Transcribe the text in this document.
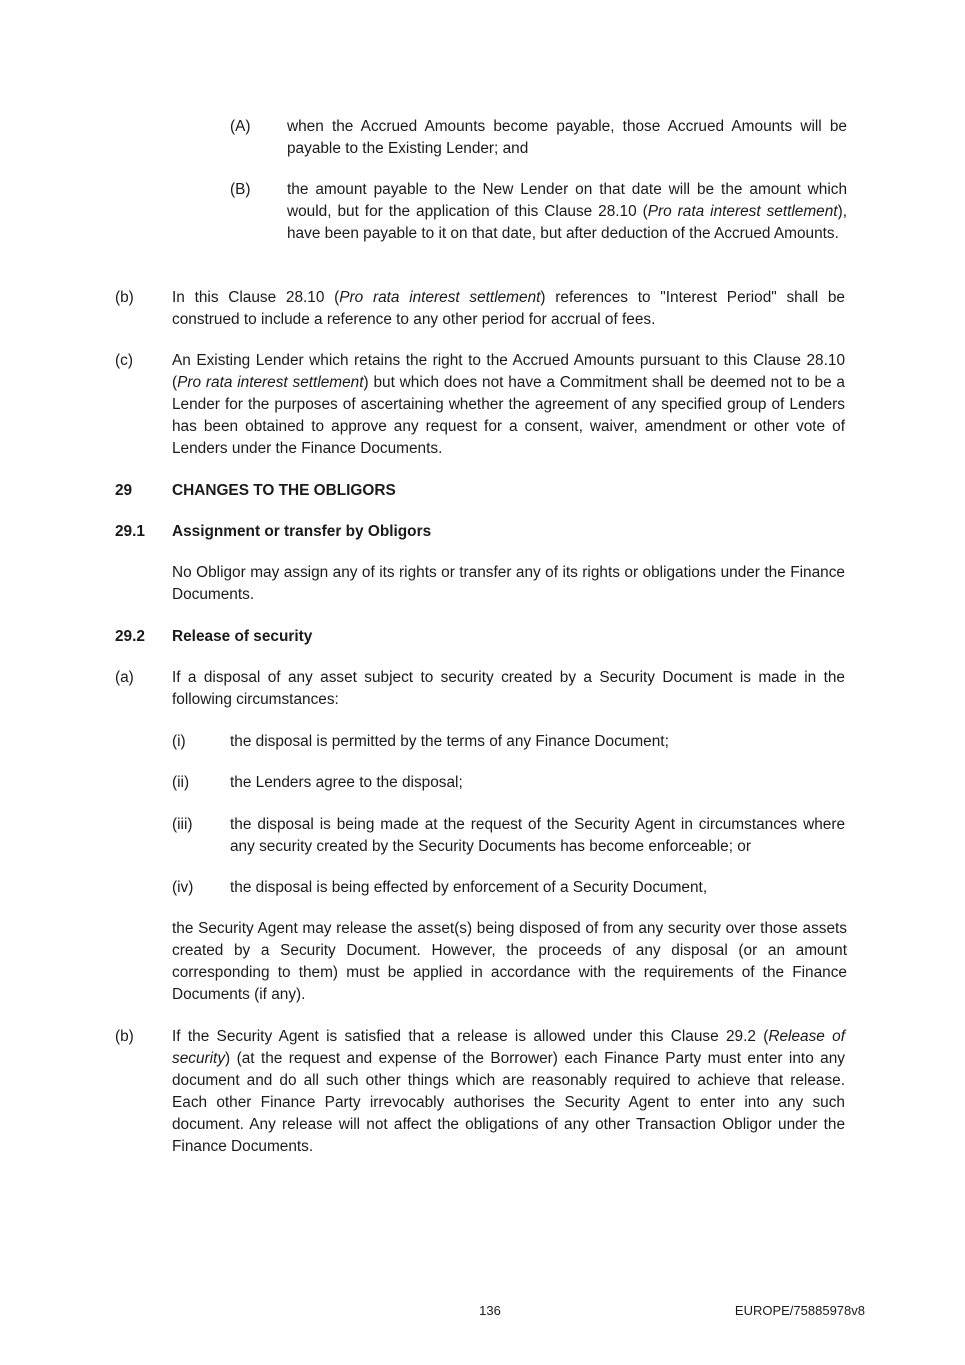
(A)	when the Accrued Amounts become payable, those Accrued Amounts will be payable to the Existing Lender; and
(B)	the amount payable to the New Lender on that date will be the amount which would, but for the application of this Clause 28.10 (Pro rata interest settlement), have been payable to it on that date, but after deduction of the Accrued Amounts.
(b)	In this Clause 28.10 (Pro rata interest settlement) references to "Interest Period" shall be construed to include a reference to any other period for accrual of fees.
(c)	An Existing Lender which retains the right to the Accrued Amounts pursuant to this Clause 28.10 (Pro rata interest settlement) but which does not have a Commitment shall be deemed not to be a Lender for the purposes of ascertaining whether the agreement of any specified group of Lenders has been obtained to approve any request for a consent, waiver, amendment or other vote of Lenders under the Finance Documents.
29	CHANGES TO THE OBLIGORS
29.1	Assignment or transfer by Obligors
No Obligor may assign any of its rights or transfer any of its rights or obligations under the Finance Documents.
29.2	Release of security
(a)	If a disposal of any asset subject to security created by a Security Document is made in the following circumstances:
(i)	the disposal is permitted by the terms of any Finance Document;
(ii)	the Lenders agree to the disposal;
(iii)	the disposal is being made at the request of the Security Agent in circumstances where any security created by the Security Documents has become enforceable; or
(iv)	the disposal is being effected by enforcement of a Security Document,
the Security Agent may release the asset(s) being disposed of from any security over those assets created by a Security Document. However, the proceeds of any disposal (or an amount corresponding to them) must be applied in accordance with the requirements of the Finance Documents (if any).
(b)	If the Security Agent is satisfied that a release is allowed under this Clause 29.2 (Release of security) (at the request and expense of the Borrower) each Finance Party must enter into any document and do all such other things which are reasonably required to achieve that release. Each other Finance Party irrevocably authorises the Security Agent to enter into any such document. Any release will not affect the obligations of any other Transaction Obligor under the Finance Documents.
136	EUROPE/75885978v8
